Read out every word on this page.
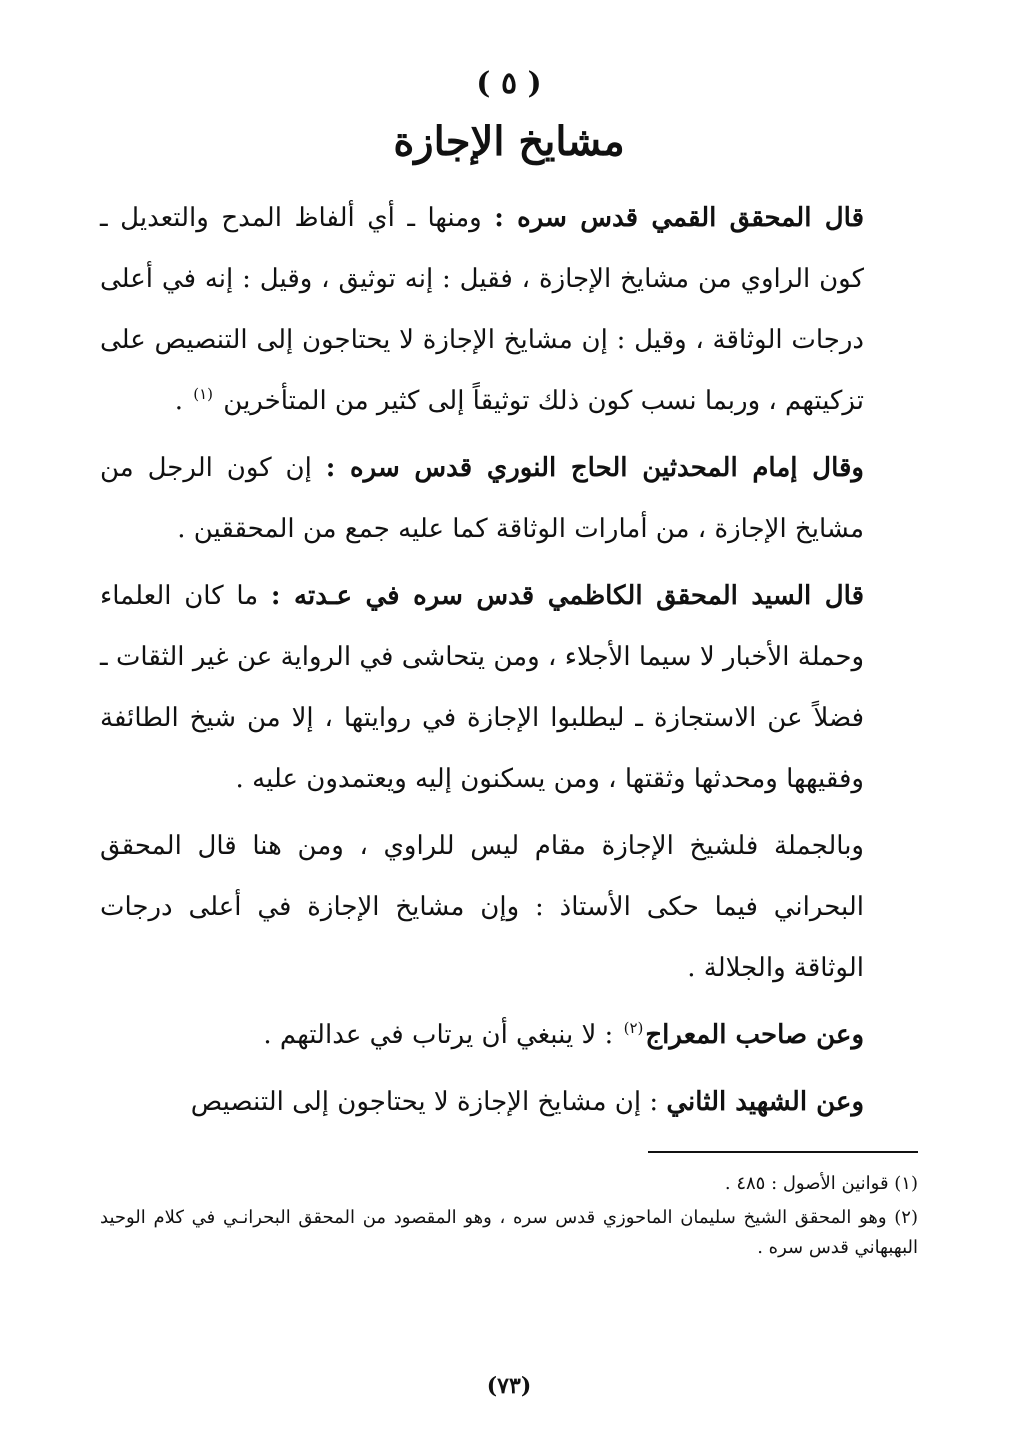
( ٥ )
مشايخ الإجازة

قال المحقق القمي قدس سره : ومنها ـ أي ألفاظ المدح والتعديل ـ كون الراوي من مشايخ الإجازة ، فقيل : إنه توثيق ، وقيل : إنه في أعلى درجات الوثاقة ، وقيل : إن مشايخ الإجازة لا يحتاجون إلى التنصيص على تزكيتهم ، وربما نسب كون ذلك توثيقاً إلى كثير من المتأخرين $^{(١)}$ .

وقال إمام المحدثين الحاج النوري قدس سره : إن كون الرجل من مشايخ الإجازة ، من أمارات الوثاقة كما عليه جمع من المحققين .

قال السيد المحقق الكاظمي قدس سره في عـدته : ما كان العلماء وحملة الأخبار لا سيما الأجلاء ، ومن يتحاشى في الرواية عن غير الثقات ـ فضلاً عن الاستجازة ـ ليطلبوا الإجازة في روايتها ، إلا من شيخ الطائفة وفقيهها ومحدثها وثقتها ، ومن يسكنون إليه ويعتمدون عليه .

وبالجملة فلشيخ الإجازة مقام ليس للراوي ، ومن هنا قال المحقق البحراني فيما حكى الأستاذ : وإن مشايخ الإجازة في أعلى درجات الوثاقة والجلالة .

وعن صاحب المعراج$^{(٢)}$ : لا ينبغي أن يرتاب في عدالتهم .

وعن الشهيد الثاني : إن مشايخ الإجازة لا يحتاجون إلى التنصيص

(١) قوانين الأصول : ٤٨٥ .

(٢) وهو المحقق الشيخ سليمان الماحوزي قدس سره ، وهو المقصود من المحقق البحرانـي في كلام الوحيد البهبهاني قدس سره .

(٧٣)
